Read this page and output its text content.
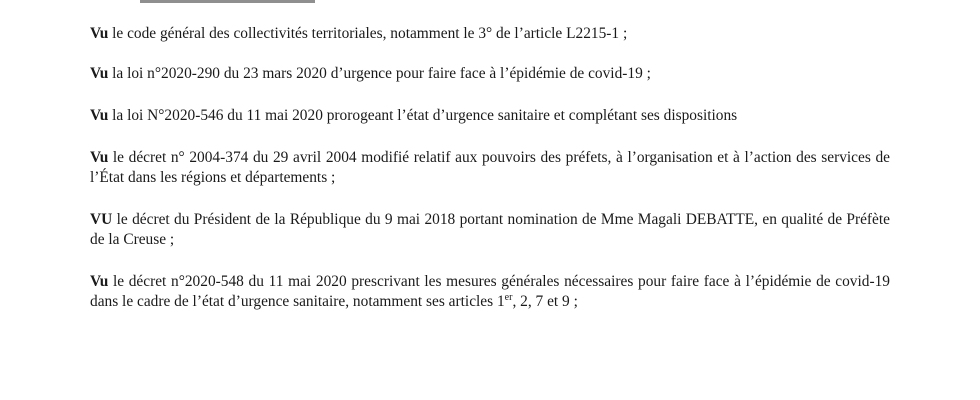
Vu le code général des collectivités territoriales, notamment le 3° de l’article L2215-1 ;

Vu la loi n°2020-290 du 23 mars 2020 d’urgence pour faire face à l’épidémie de covid-19 ;

Vu la loi N°2020-546 du 11 mai 2020 prorogeant l’état d’urgence sanitaire et complétant ses dispositions

Vu le décret n° 2004-374 du 29 avril 2004 modifié relatif aux pouvoirs des préfets, à l’organisation et à l’action des services de l’État dans les régions et départements ;

VU le décret du Président de la République du 9 mai 2018 portant nomination de Mme Magali DEBATTE, en qualité de Préfète de la Creuse ;

Vu le décret n°2020-548 du 11 mai 2020 prescrivant les mesures générales nécessaires pour faire face à l’épidémie de covid-19 dans le cadre de l’état d’urgence sanitaire, notamment ses articles 1er, 2, 7 et 9 ;
